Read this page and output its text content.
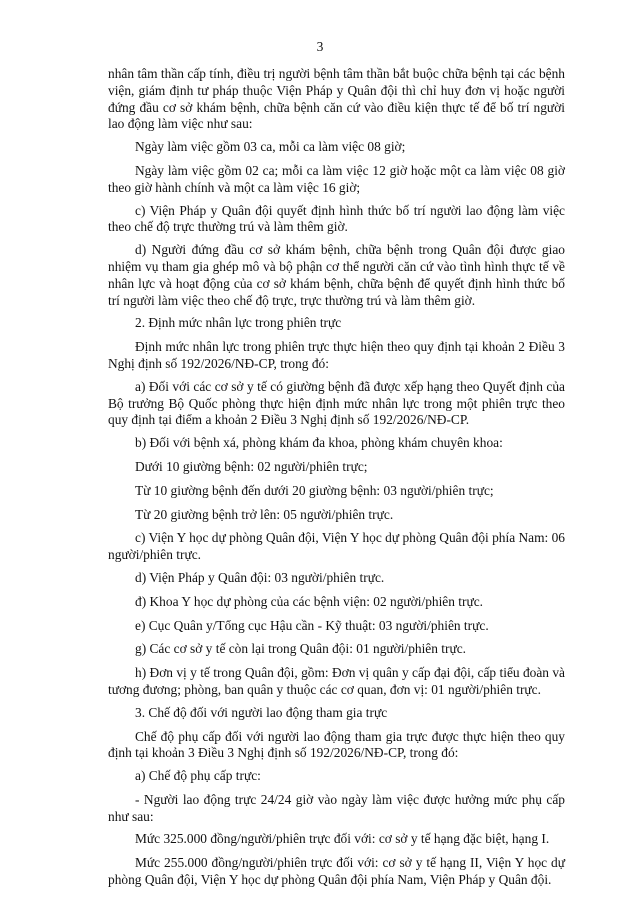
3

nhân tâm thần cấp tính, điều trị người bệnh tâm thần bắt buộc chữa bệnh tại các bệnh viện, giám định tư pháp thuộc Viện Pháp y Quân đội thì chỉ huy đơn vị hoặc người đứng đầu cơ sở khám bệnh, chữa bệnh căn cứ vào điều kiện thực tế để bố trí người lao động làm việc như sau:

Ngày làm việc gồm 03 ca, mỗi ca làm việc 08 giờ;

Ngày làm việc gồm 02 ca; mỗi ca làm việc 12 giờ hoặc một ca làm việc 08 giờ theo giờ hành chính và một ca làm việc 16 giờ;

c) Viện Pháp y Quân đội quyết định hình thức bố trí người lao động làm việc theo chế độ trực thường trú và làm thêm giờ.

d) Người đứng đầu cơ sở khám bệnh, chữa bệnh trong Quân đội được giao nhiệm vụ tham gia ghép mô và bộ phận cơ thể người căn cứ vào tình hình thực tế về nhân lực và hoạt động của cơ sở khám bệnh, chữa bệnh để quyết định hình thức bố trí người làm việc theo chế độ trực, trực thường trú và làm thêm giờ.

2. Định mức nhân lực trong phiên trực

Định mức nhân lực trong phiên trực thực hiện theo quy định tại khoản 2 Điều 3 Nghị định số 192/2026/NĐ-CP, trong đó:

a) Đối với các cơ sở y tế có giường bệnh đã được xếp hạng theo Quyết định của Bộ trưởng Bộ Quốc phòng thực hiện định mức nhân lực trong một phiên trực theo quy định tại điểm a khoản 2 Điều 3 Nghị định số 192/2026/NĐ-CP.

b) Đối với bệnh xá, phòng khám đa khoa, phòng khám chuyên khoa:

Dưới 10 giường bệnh: 02 người/phiên trực;

Từ 10 giường bệnh đến dưới 20 giường bệnh: 03 người/phiên trực;

Từ 20 giường bệnh trở lên: 05 người/phiên trực.

c) Viện Y học dự phòng Quân đội, Viện Y học dự phòng Quân đội phía Nam: 06 người/phiên trực.

d) Viện Pháp y Quân đội: 03 người/phiên trực.

đ) Khoa Y học dự phòng của các bệnh viện: 02 người/phiên trực.

e) Cục Quân y/Tổng cục Hậu cần - Kỹ thuật: 03 người/phiên trực.

g) Các cơ sở y tế còn lại trong Quân đội: 01 người/phiên trực.

h) Đơn vị y tế trong Quân đội, gồm: Đơn vị quân y cấp đại đội, cấp tiểu đoàn và tương đương; phòng, ban quân y thuộc các cơ quan, đơn vị: 01 người/phiên trực.

3. Chế độ đối với người lao động tham gia trực

Chế độ phụ cấp đối với người lao động tham gia trực được thực hiện theo quy định tại khoản 3 Điều 3 Nghị định số 192/2026/NĐ-CP, trong đó:

a) Chế độ phụ cấp trực:

- Người lao động trực 24/24 giờ vào ngày làm việc được hưởng mức phụ cấp như sau:

Mức 325.000 đồng/người/phiên trực đối với: cơ sở y tế hạng đặc biệt, hạng I.

Mức 255.000 đồng/người/phiên trực đối với: cơ sở y tế hạng II, Viện Y học dự phòng Quân đội, Viện Y học dự phòng Quân đội phía Nam, Viện Pháp y Quân đội.
